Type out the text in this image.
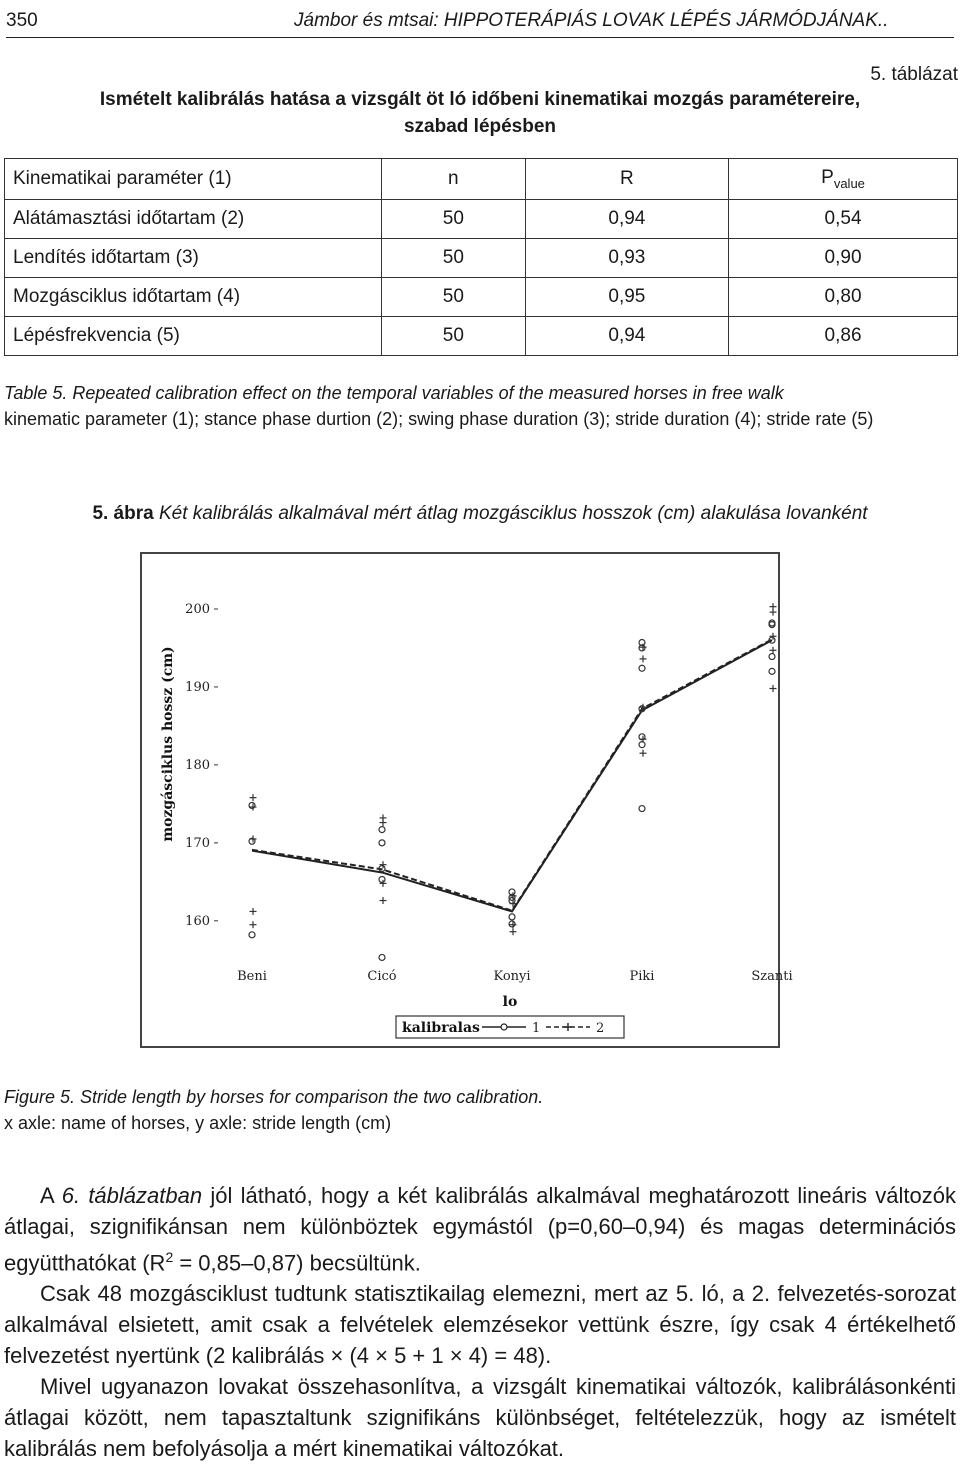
350	Jámbor és mtsai: HIPPOTERÁPIÁS LOVAK LÉPÉS JÁRMÓDJÁNAK..
5. táblázat
Ismételt kalibrálás hatása a vizsgált öt ló időbeni kinematikai mozgás paramétereire,
szabad lépésben
Kinematikai paraméter (1)	n	R	$P_{value}$
Alátámasztási időtartam (2)	50	0,94	0,54
Lendítés időtartam (3)	50	0,93	0,90
Mozgásciklus időtartam (4)	50	0,95	0,80
Lépésfrekvencia (5)	50	0,94	0,86
Table 5. Repeated calibration effect on the temporal variables of the measured horses in free walk
kinematic parameter (1); stance phase durtion (2); swing phase duration (3); stride duration (4); stride rate (5)
5. ábra Két kalibrálás alkalmával mért átlag mozgásciklus hosszok (cm) alakulása lovanként
160
170
180
190
200
Beni	Cicó	Konyi	Piki	Szanti
mozgásciklus hossz (cm)
lo
kalibralas	1	2
Figure 5. Stride length by horses for comparison the two calibration.
x axle: name of horses, y axle: stride length (cm)

A 6. táblázatban jól látható, hogy a két kalibrálás alkalmával meghatározott lineáris változók átlagai, szignifikánsan nem különböztek egymástól (p=0,60–0,94) és magas determinációs együtthatókat $(R^2 = 0,85-0,87)$ becsültünk.

Csak 48 mozgásciklust tudtunk statisztikailag elemezni, mert az 5. ló, a 2. felvezetés-sorozat alkalmával elsietett, amit csak a felvételek elemzésekor vettünk észre, így csak 4 értékelhető felvezetést nyertünk (2 kalibrálás × (4 × 5 + 1 × 4) = 48).

Mivel ugyanazon lovakat összehasonlítva, a vizsgált kinematikai változók, kalibrálásonkénti átlagai között, nem tapasztaltunk szignifikáns különbséget, feltételezzük, hogy az ismételt kalibrálás nem befolyásolja a mért kinematikai változókat.
